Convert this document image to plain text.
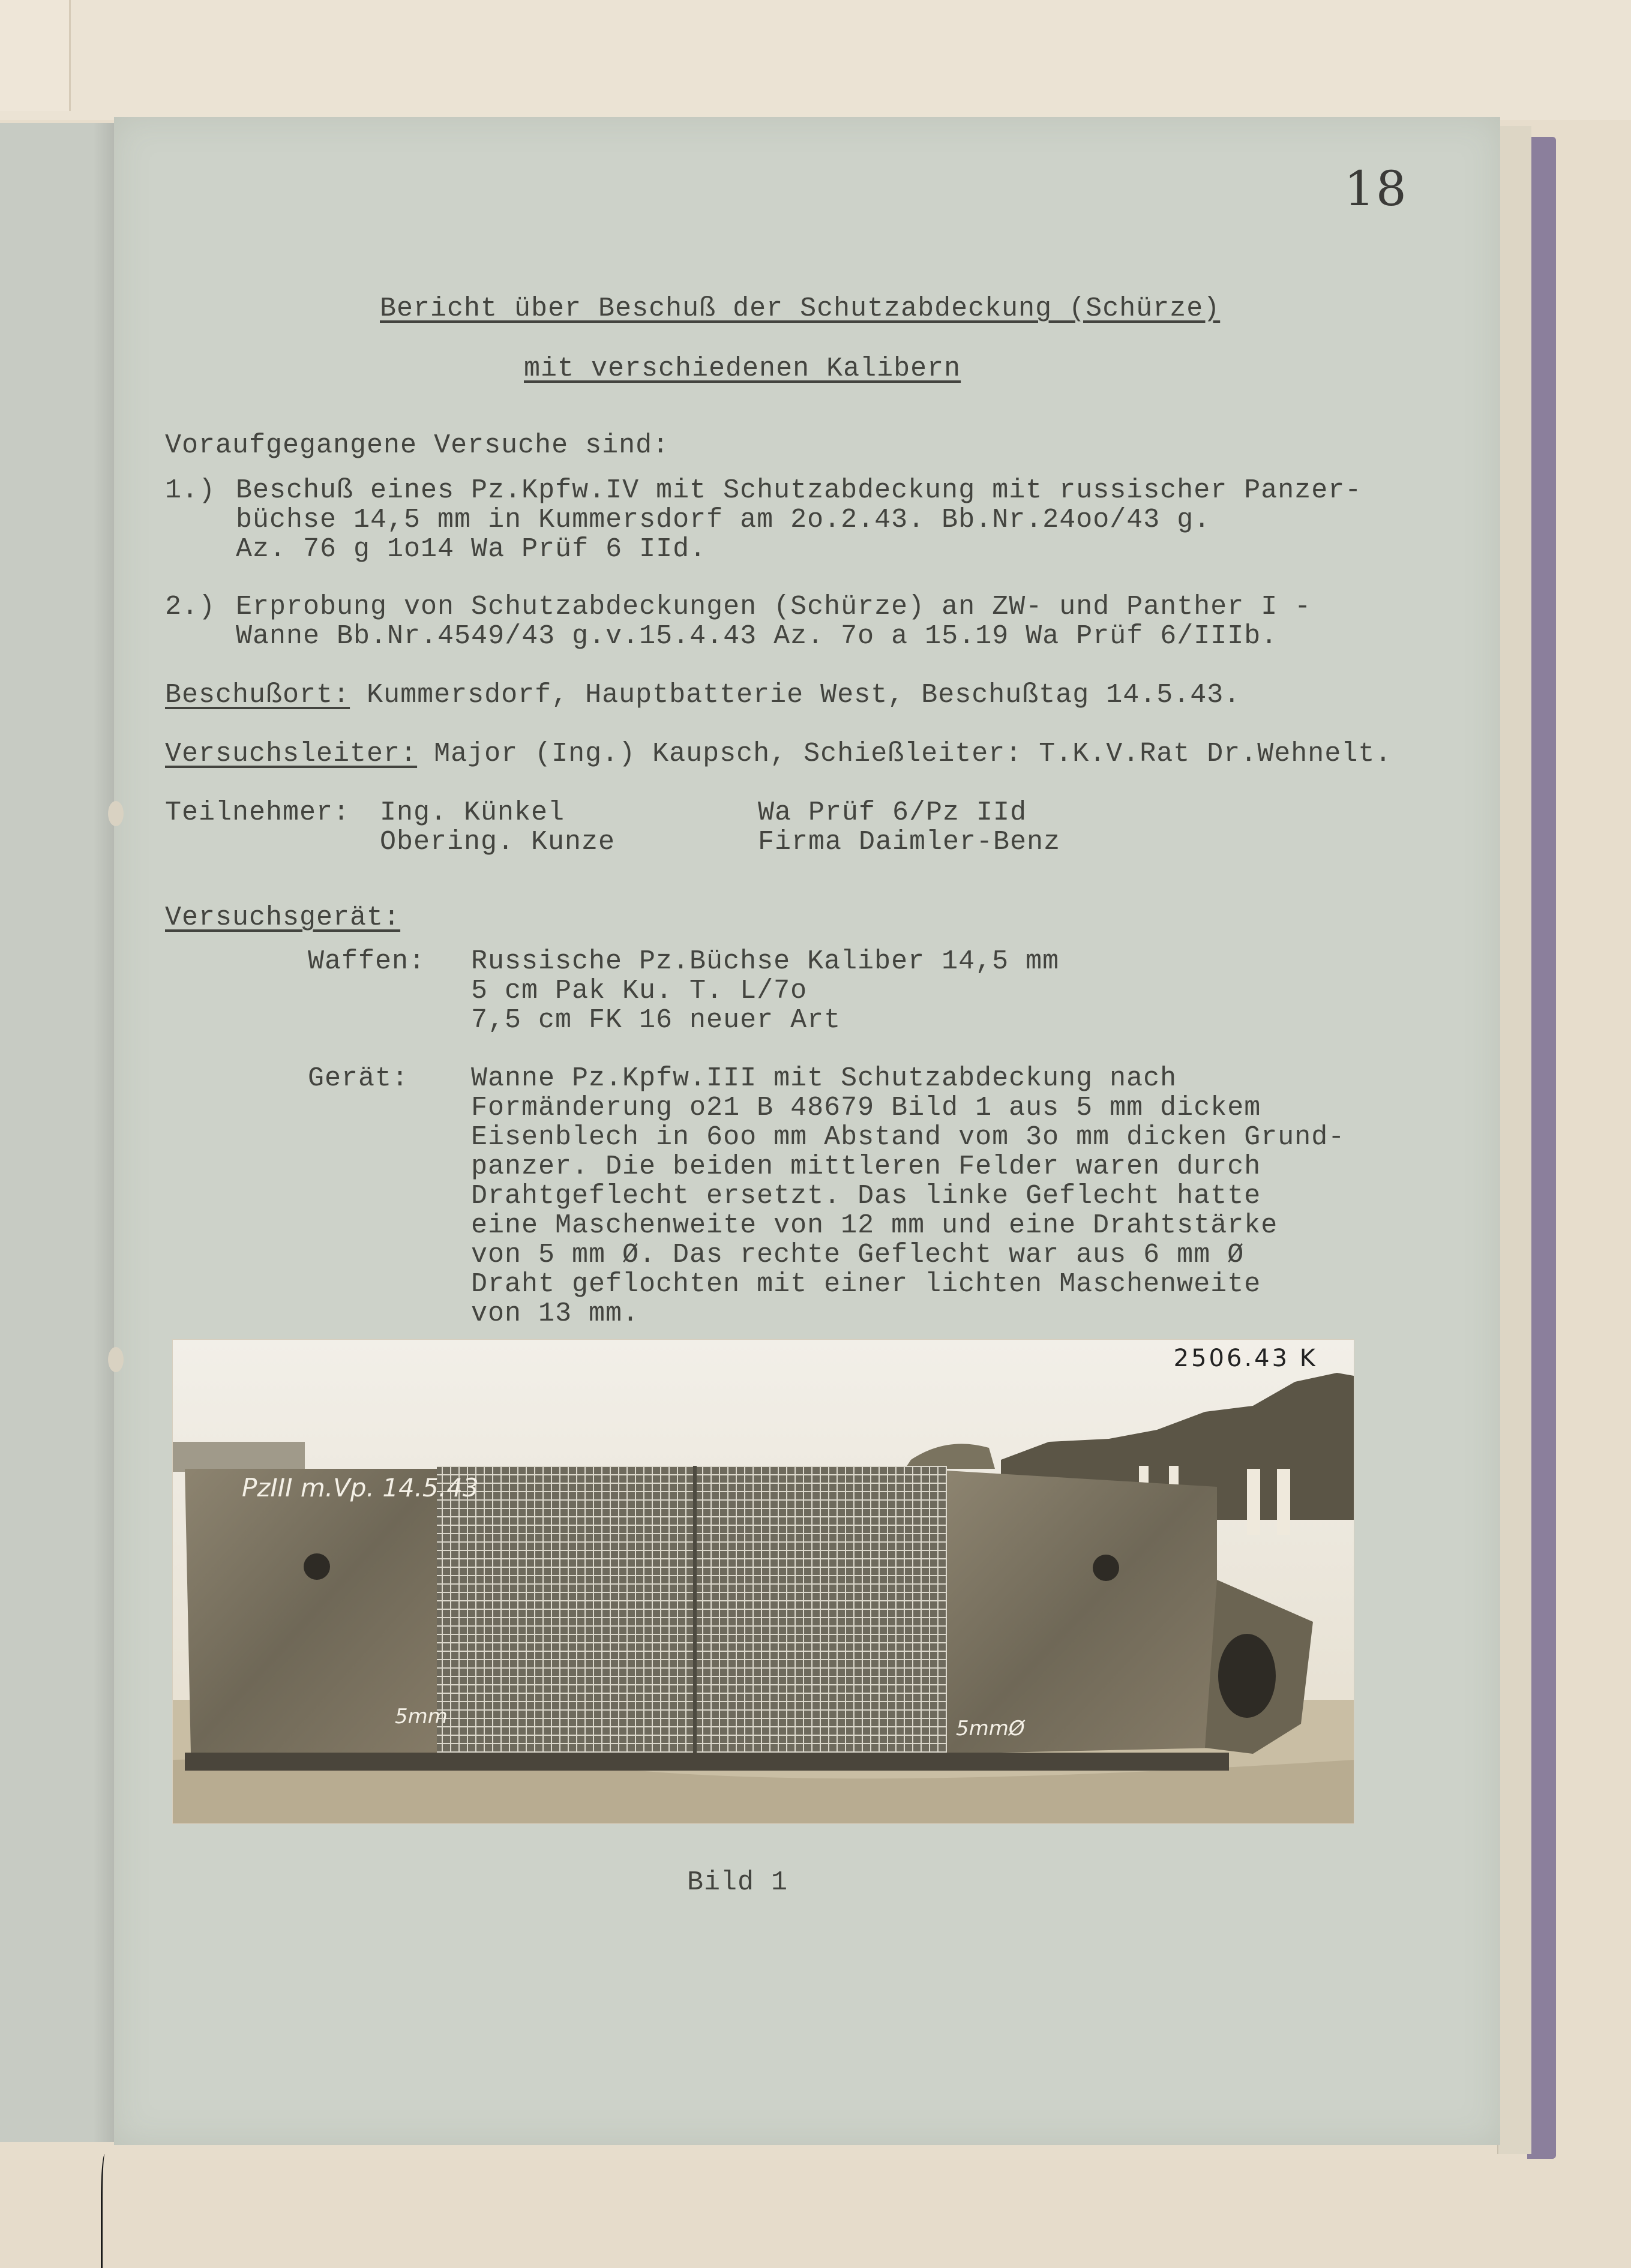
18
Bericht über Beschuß der Schutzabdeckung (Schürze)
mit verschiedenen Kalibern
Voraufgegangene Versuche sind:
1.) Beschuß eines Pz.Kpfw.IV mit Schutzabdeckung mit russischer Panzer-
büchse 14,5 mm in Kummersdorf am 2o.2.43. Bb.Nr.24oo/43 g.
Az. 76 g 1o14 Wa Prüf 6 IId.
2.) Erprobung von Schutzabdeckungen (Schürze) an ZW- und Panther I -
Wanne Bb.Nr.4549/43 g.v.15.4.43 Az. 7o a 15.19 Wa Prüf 6/IIIb.
Beschußort: Kummersdorf, Hauptbatterie West, Beschußtag 14.5.43.
Versuchsleiter: Major (Ing.) Kaupsch, Schießleiter: T.K.V.Rat Dr.Wehnelt.
Teilnehmer: Ing. Künkel	Wa Prüf 6/Pz IId
Obering. Kunze	Firma Daimler-Benz
Versuchsgerät:
Waffen: Russische Pz.Büchse Kaliber 14,5 mm
5 cm Pak Ku. T. L/7o
7,5 cm FK 16 neuer Art
Gerät: Wanne Pz.Kpfw.III mit Schutzabdeckung nach
Formänderung o21 B 48679 Bild 1 aus 5 mm dickem
Eisenblech in 6oo mm Abstand vom 3o mm dicken Grund-
panzer. Die beiden mittleren Felder waren durch
Drahtgeflecht ersetzt. Das linke Geflecht hatte
eine Maschenweite von 12 mm und eine Drahtstärke
von 5 mm Ø. Das rechte Geflecht war aus 6 mm Ø
Draht geflochten mit einer lichten Maschenweite
von 13 mm.
2506.43 K
PzIII m.Vp. 14.5.43
5mm	5mmØ
Bild 1
